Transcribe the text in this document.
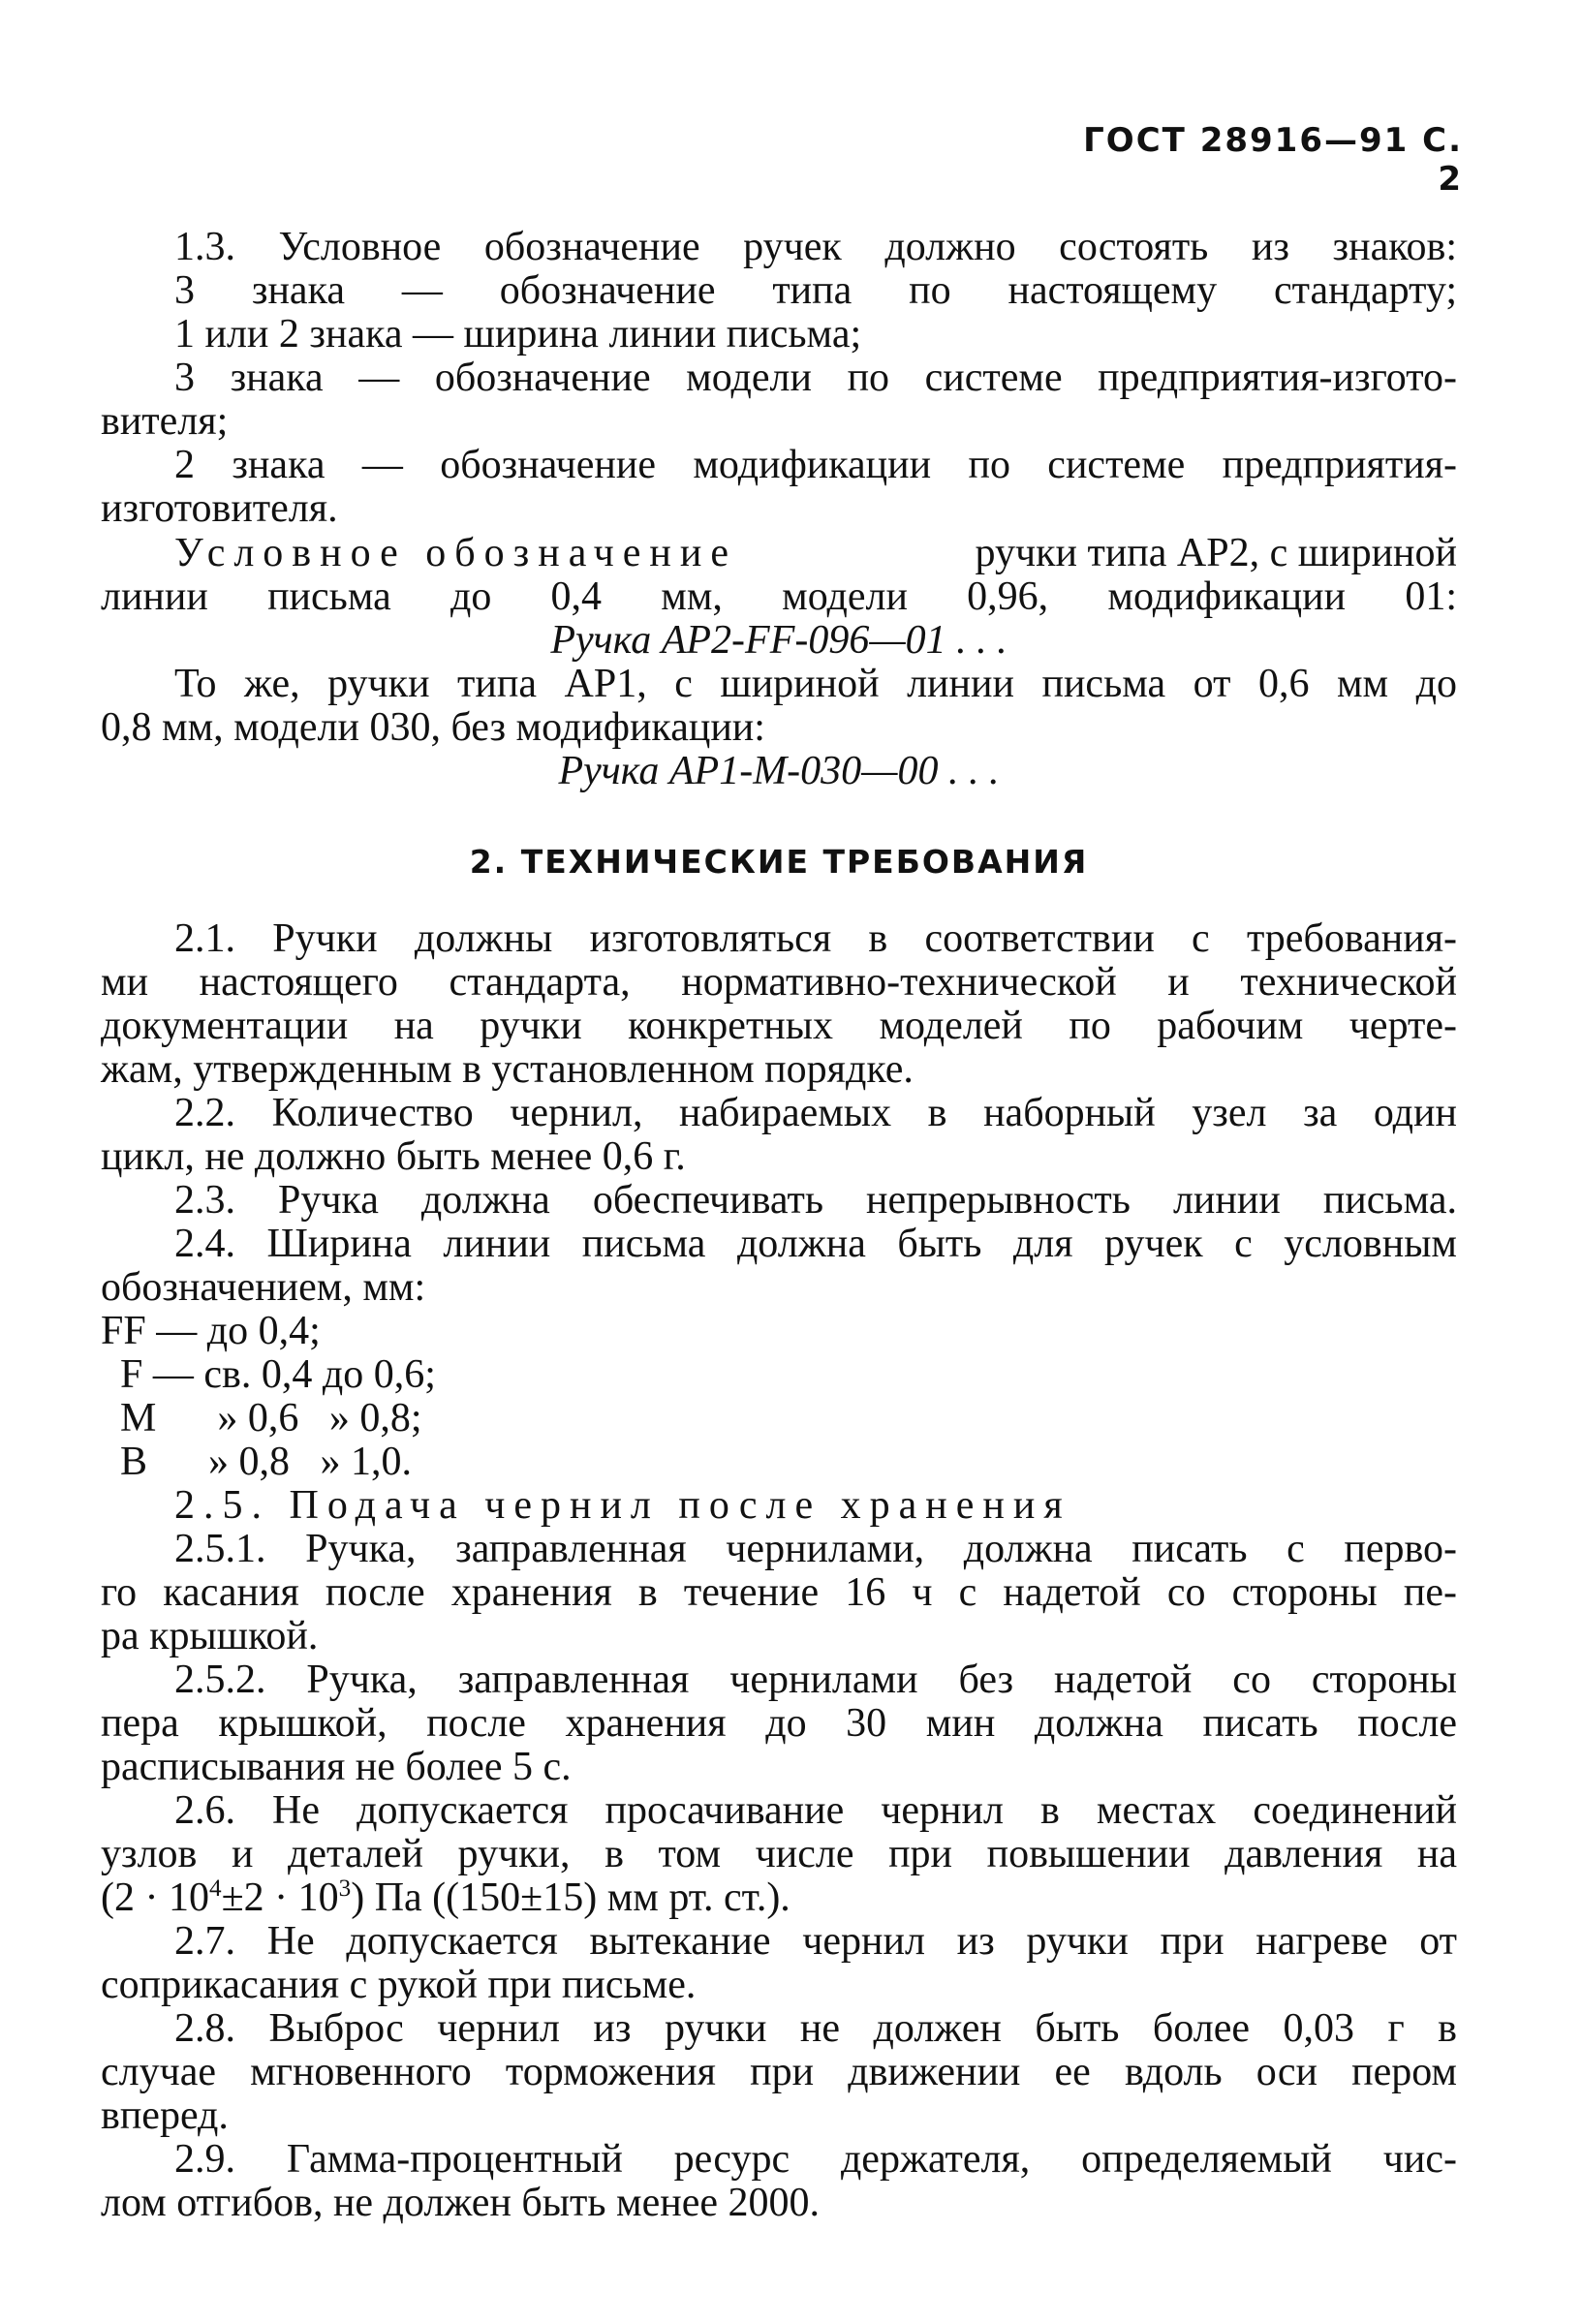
ГОСТ 28916—91 С. 2
1.3. Условное обозначение ручек должно состоять из знаков:
3 знака — обозначение типа по настоящему стандарту;
1 или 2 знака — ширина линии письма;
3 знака — обозначение модели по системе предприятия-изгото-
вителя;
2 знака — обозначение модификации по системе предприятия-
изготовителя.
Условное обозначение	ручки типа АР2, с шириной
линии письма до 0,4 мм, модели 0,96, модификации 01:
Ручка АР2-FF-096—01 . . .
То же, ручки типа АР1, с шириной линии письма от 0,6 мм до
0,8 мм, модели 030, без модификации:
Ручка АР1-М-030—00 . . .
2. ТЕХНИЧЕСКИЕ ТРЕБОВАНИЯ
2.1. Ручки должны изготовляться в соответствии с требования-
ми настоящего стандарта, нормативно-технической и технической
документации на ручки конкретных моделей по рабочим черте-
жам, утвержденным в установленном порядке.
2.2. Количество чернил, набираемых в наборный узел за один
цикл, не должно быть менее 0,6 г.
2.3. Ручка должна обеспечивать непрерывность линии письма.
2.4. Ширина линии письма должна быть для ручек с условным
обозначением, мм:
FF — до 0,4;
F — св. 0,4 до 0,6;
M      » 0,6   » 0,8;
B      » 0,8   » 1,0.
2.5. Подача чернил после хранения
2.5.1. Ручка, заправленная чернилами, должна писать с перво-
го касания после хранения в течение 16 ч с надетой со стороны пе-
ра крышкой.
2.5.2. Ручка, заправленная чернилами без надетой со стороны
пера крышкой, после хранения до 30 мин должна писать после
расписывания не более 5 с.
2.6. Не допускается просачивание чернил в местах соединений
узлов и деталей ручки, в том числе при повышении давления на
$(2 \cdot 10^4\pm 2 \cdot 10^3)$ Па ((150±15) мм рт. ст.).
2.7. Не допускается вытекание чернил из ручки при нагреве от
соприкасания с рукой при письме.
2.8. Выброс чернил из ручки не должен быть более 0,03 г в
случае мгновенного торможения при движении ее вдоль оси пером
вперед.
2.9. Гамма-процентный ресурс держателя, определяемый чис-
лом отгибов, не должен быть менее 2000.
